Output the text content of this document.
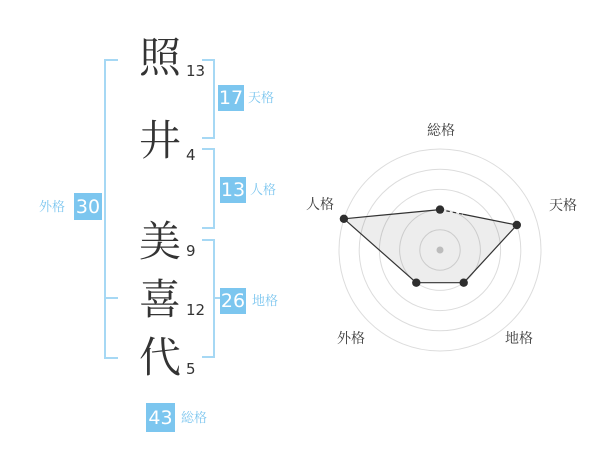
照
井
美
喜
代
13
4
9
12
5
17 天格
13 人格
26 地格
外格 30
43 総格
総格
天格
地格
外格
人格
